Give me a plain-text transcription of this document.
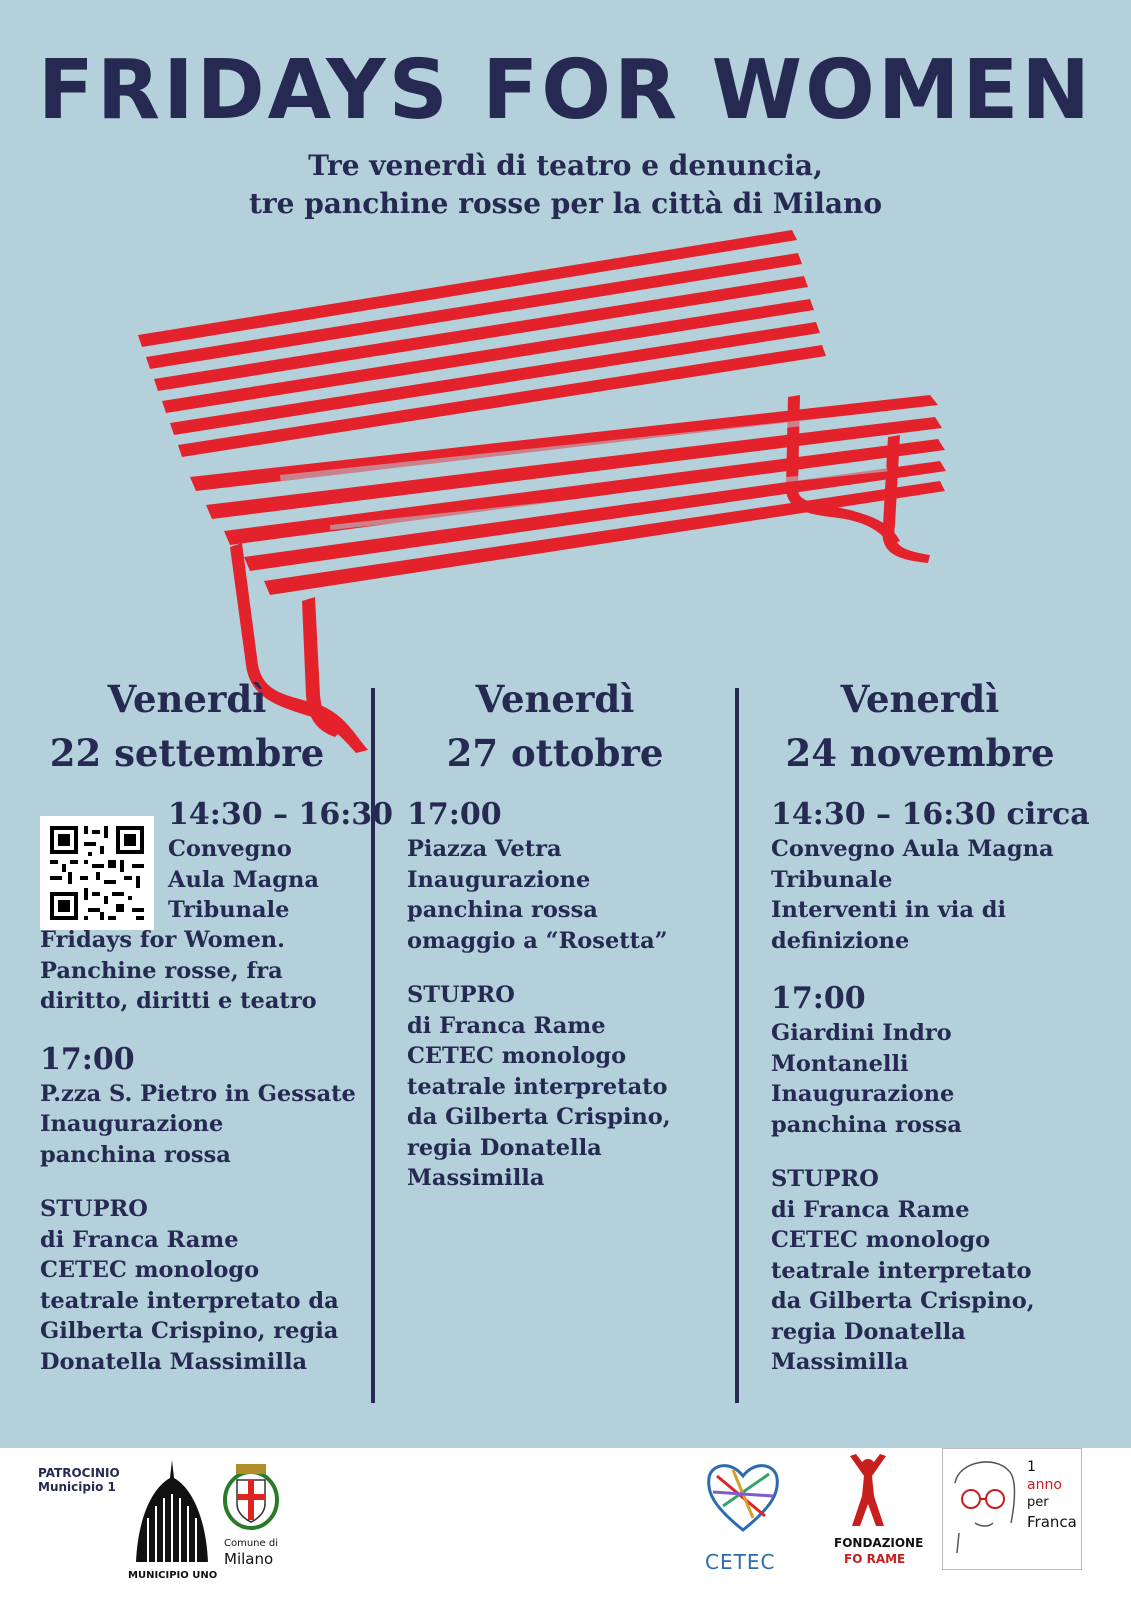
FRIDAYS FOR WOMEN
Tre venerdì di teatro e denuncia,
tre panchine rosse per la città di Milano
Venerdì
22 settembre
Venerdì
27 ottobre
Venerdì
24 novembre
14:30 – 16:30
Convegno
Aula Magna
Tribunale
Fridays for Women.
Panchine rosse, fra
diritto, diritti e teatro
17:00
P.zza S. Pietro in Gessate
Inaugurazione
panchina rossa
STUPRO
di Franca Rame
CETEC monologo
teatrale interpretato da
Gilberta Crispino, regia
Donatella Massimilla
17:00
Piazza Vetra
Inaugurazione
panchina rossa
omaggio a “Rosetta”
STUPRO
di Franca Rame
CETEC monologo
teatrale interpretato
da Gilberta Crispino,
regia Donatella
Massimilla
14:30 – 16:30 circa
Convegno Aula Magna
Tribunale
Interventi in via di
definizione
17:00
Giardini Indro
Montanelli
Inaugurazione
panchina rossa
STUPRO
di Franca Rame
CETEC monologo
teatrale interpretato
da Gilberta Crispino,
regia Donatella
Massimilla
PATROCINIO
Municipio 1
MUNICIPIO UNO
Comune di
Milano	CETEC
FONDAZIONE
FO RAME
1
anno
per
Franca
